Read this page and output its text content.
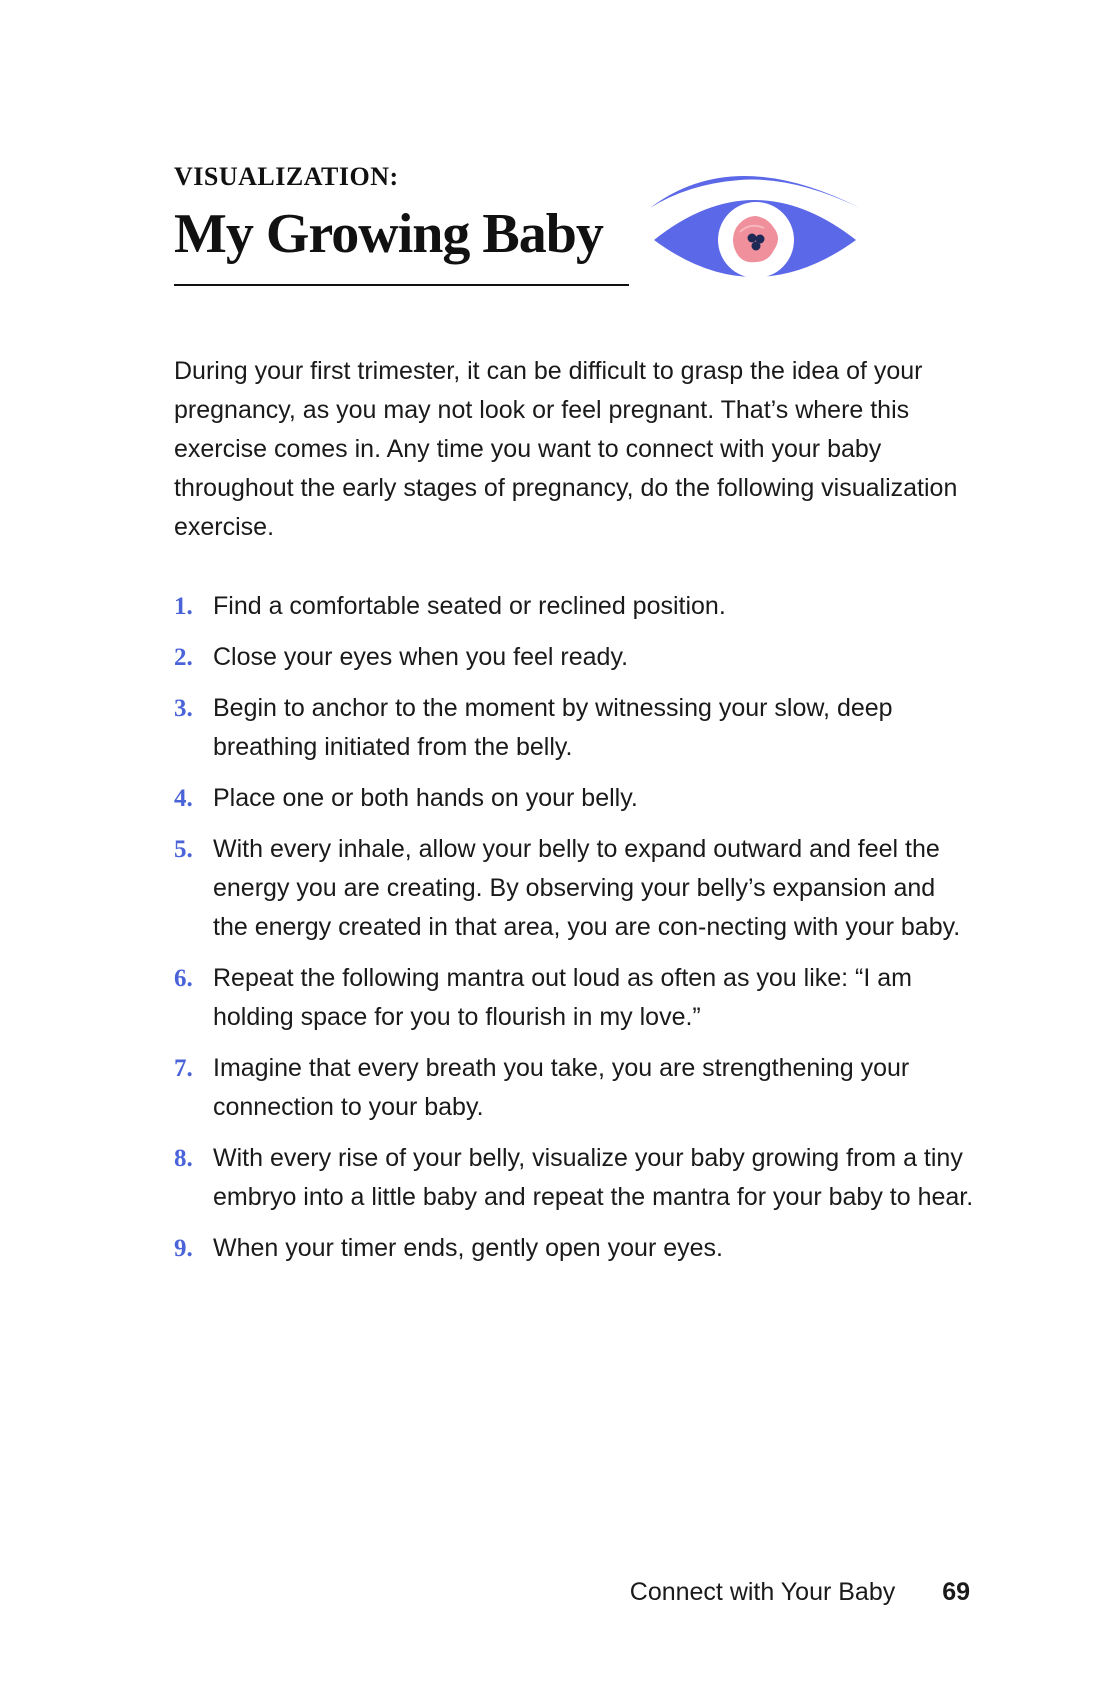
VISUALIZATION:
My Growing Baby

During your first trimester, it can be difficult to grasp the idea of your pregnancy, as you may not look or feel pregnant. That’s where this exercise comes in. Any time you want to connect with your baby throughout the early stages of pregnancy, do the following visualization exercise.

1. Find a comfortable seated or reclined position.
2. Close your eyes when you feel ready.
3. Begin to anchor to the moment by witnessing your slow, deep breathing initiated from the belly.
4. Place one or both hands on your belly.
5. With every inhale, allow your belly to expand outward and feel the energy you are creating. By observing your belly’s expansion and the energy created in that area, you are con-necting with your baby.
6. Repeat the following mantra out loud as often as you like: “I am holding space for you to flourish in my love.”
7. Imagine that every breath you take, you are strengthening your connection to your baby.
8. With every rise of your belly, visualize your baby growing from a tiny embryo into a little baby and repeat the mantra for your baby to hear.
9. When your timer ends, gently open your eyes.
Connect with Your Baby 69
